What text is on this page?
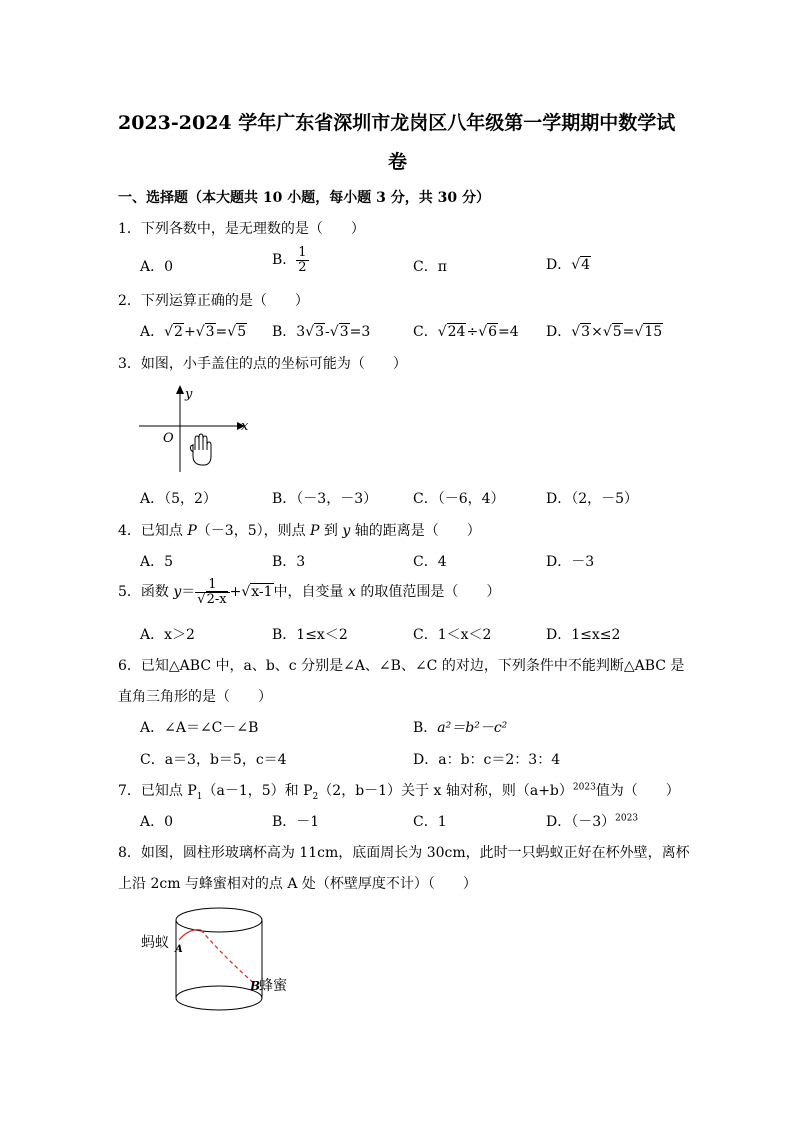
2023-2024 学年广东省深圳市龙岗区八年级第一学期期中数学试
卷
一、选择题（本大题共 10 小题，每小题 3 分，共 30 分）
1．下列各数中，是无理数的是（　　）
A．0	B． $\frac{1}{2}$	C．π	D．√4
2．下列运算正确的是（　　）
A．√2+√3=√5 B．3√3-√3=3	C．√24÷√6=4 D．√3×√5=√15
3．如图，小手盖住的点的坐标可能为（　　）
y
x
O
A．（5，2）	B．（－3，－3）	C．（－6，4）	D．（2，－5）
4．已知点 P（－3，5），则点 P 到 y 轴的距离是（　　）
A．5	B．3	C．4	D．－3
5．函数 $y= \frac{1}{√2-x} +√x-1$中，自变量 x 的取值范围是（　　）
A．x＞2	B．1≤x＜2	C．1＜x＜2	D．1≤x≤2
6．已知△ABC 中，a、b、c 分别是∠A、∠B、∠C 的对边，下列条件中不能判断△ABC 是
直角三角形的是（　　）
A．∠A＝∠C－∠B	B．a²＝b²－c²
C．a＝3，b＝5，c＝4	D．a：b：c＝2：3：4
7．已知点 $P_1(a-1$，5）和 $P_2(2$，b－1）关于 x 轴对称，则$(a+b)^{2023}$值为（　　）
A．0	B．－1	C．1	D．$(-3)^{2023}$
8．如图，圆柱形玻璃杯高为 11cm，底面周长为 30cm，此时一只蚂蚁正好在杯外壁，离杯
上沿 2cm 与蜂蜜相对的点 A 处（杯壁厚度不计）（　　）
蚂蚁 A
B
蜂蜜
